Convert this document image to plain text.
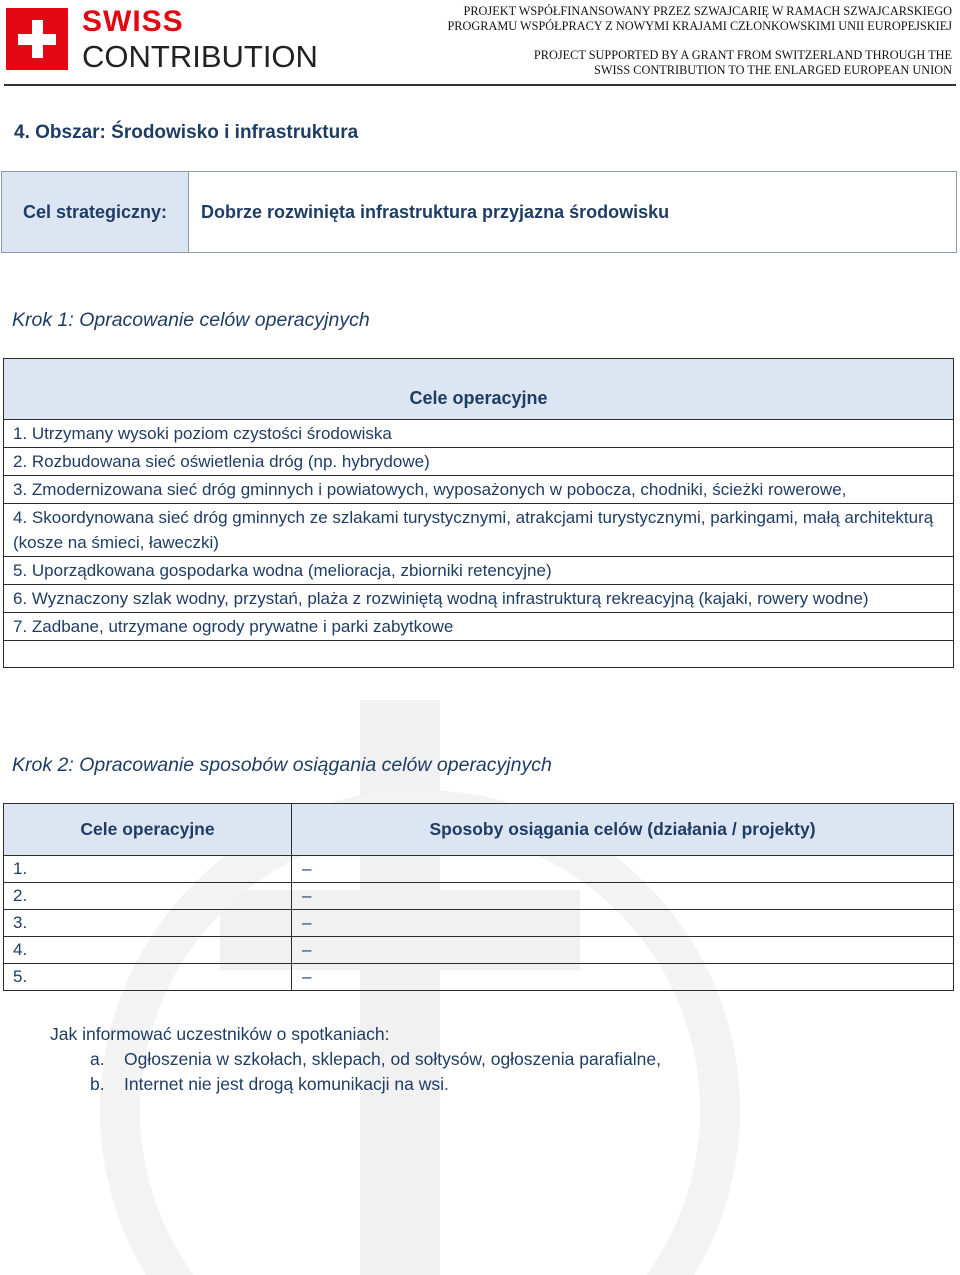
SWISS
CONTRIBUTION
PROJEKT WSPÓŁFINANSOWANY PRZEZ SZWAJCARIĘ W RAMACH SZWAJCARSKIEGO
PROGRAMU WSPÓŁPRACY Z NOWYMI KRAJAMI CZŁONKOWSKIMI UNII EUROPEJSKIEJ
PROJECT SUPPORTED BY A GRANT FROM SWITZERLAND THROUGH THE
SWISS CONTRIBUTION TO THE ENLARGED EUROPEAN UNION
4. Obszar: Środowisko i infrastruktura
Cel strategiczny:	Dobrze rozwinięta infrastruktura przyjazna środowisku
Krok 1: Opracowanie celów operacyjnych
Cele operacyjne
1. Utrzymany wysoki poziom czystości środowiska
2. Rozbudowana sieć oświetlenia dróg (np. hybrydowe)
3. Zmodernizowana sieć dróg gminnych i powiatowych, wyposażonych w pobocza, chodniki, ścieżki rowerowe,
4. Skoordynowana sieć dróg gminnych ze szlakami turystycznymi, atrakcjami turystycznymi, parkingami, małą architekturą (kosze na śmieci, ławeczki)
5. Uporządkowana gospodarka wodna (melioracja, zbiorniki retencyjne)
6. Wyznaczony szlak wodny, przystań, plaża z rozwiniętą wodną infrastrukturą rekreacyjną (kajaki, rowery wodne)
7. Zadbane, utrzymane ogrody prywatne i parki zabytkowe

Krok 2: Opracowanie sposobów osiągania celów operacyjnych
Cele operacyjne	Sposoby osiągania celów (działania / projekty)
1.	–
2.	–
3.	–
4.	–
5.	–
Jak informować uczestników o spotkaniach:
a.	Ogłoszenia w szkołach, sklepach, od sołtysów, ogłoszenia parafialne,
b.	Internet nie jest drogą komunikacji na wsi.
